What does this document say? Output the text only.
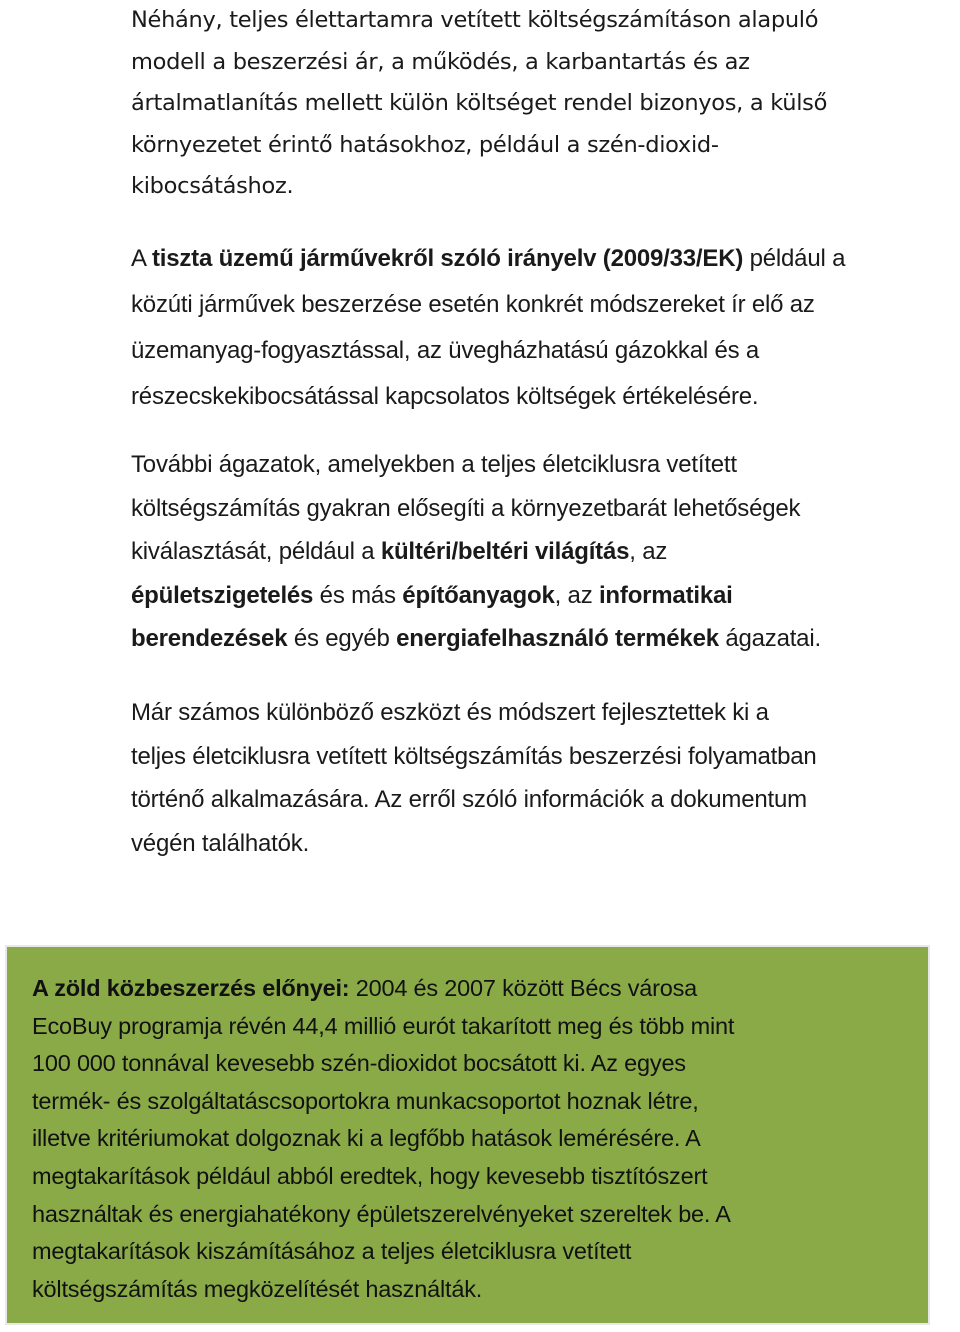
Néhány, teljes élettartamra vetített költségszámításon alapuló
modell a beszerzési ár, a működés, a karbantartás és az
ártalmatlanítás mellett külön költséget rendel bizonyos, a külső
környezetet érintő hatásokhoz, például a szén-dioxid-
kibocsátáshoz.
A tiszta üzemű járművekről szóló irányelv (2009/33/EK) például a
közúti járművek beszerzése esetén konkrét módszereket ír elő az
üzemanyag-fogyasztással, az üvegházhatású gázokkal és a
részecskekibocsátással kapcsolatos költségek értékelésére.
További ágazatok, amelyekben a teljes életciklusra vetített
költségszámítás gyakran elősegíti a környezetbarát lehetőségek
kiválasztását, például a kültéri/beltéri világítás, az
épületszigetelés és más építőanyagok, az informatikai
berendezések és egyéb energiafelhasználó termékek ágazatai.
Már számos különböző eszközt és módszert fejlesztettek ki a
teljes életciklusra vetített költségszámítás beszerzési folyamatban
történő alkalmazására. Az erről szóló információk a dokumentum
végén találhatók.
A zöld közbeszerzés előnyei: 2004 és 2007 között Bécs városa
EcoBuy programja révén 44,4 millió eurót takarított meg és több mint
100 000 tonnával kevesebb szén-dioxidot bocsátott ki. Az egyes
termék- és szolgáltatáscsoportokra munkacsoportot hoznak létre,
illetve kritériumokat dolgoznak ki a legfőbb hatások lemérésére. A
megtakarítások például abból eredtek, hogy kevesebb tisztítószert
használtak és energiahatékony épületszerelvényeket szereltek be. A
megtakarítások kiszámításához a teljes életciklusra vetített
költségszámítás megközelítését használták.
